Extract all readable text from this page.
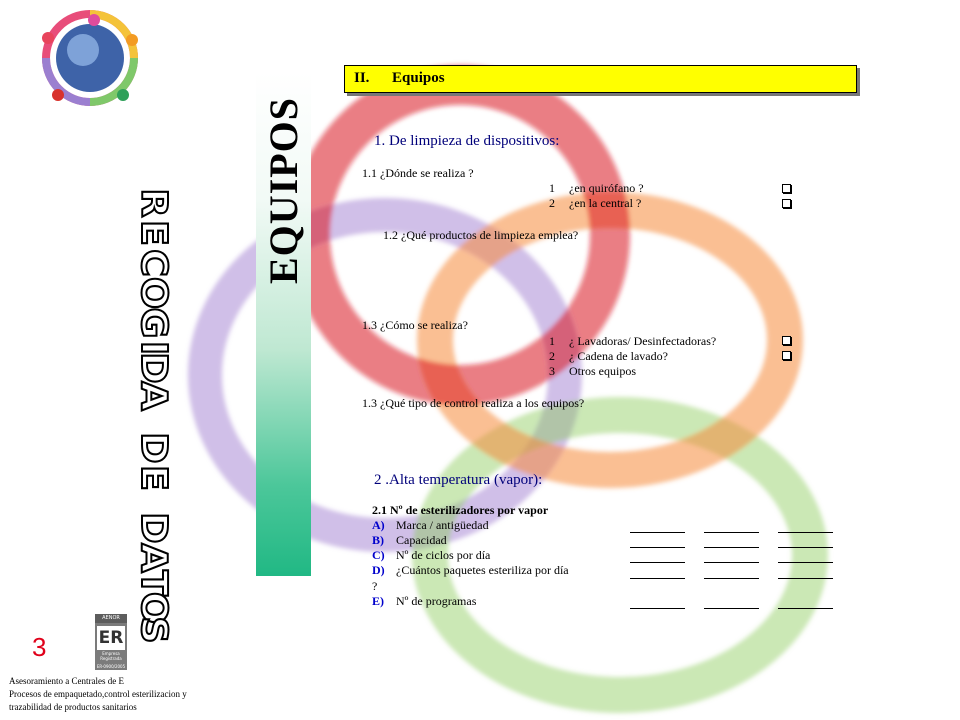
R
E
C
O
G
I
D
A
D
E
D
A
T
O
S
EQUIPOS
II. Equipos
1. De limpieza de dispositivos:
1.1 ¿Dónde se realiza ?
1 ¿en quirófano ?
2 ¿en la central ?
1.2 ¿Qué productos de limpieza emplea?
1.3 ¿Cómo se realiza?
1 ¿ Lavadoras/ Desinfectadoras?
2 ¿ Cadena de lavado?
3 Otros equipos
1.3 ¿Qué tipo de control realiza a los equipos?
2 .Alta temperatura (vapor):
2.1 Nº de esterilizadores por vapor
A) Marca / antigüedad
B) Capacidad
C) Nº de ciclos por día
D) ¿Cuántos paquetes esteriliza por día
?
E) Nº de programas
3
AENOR
ER
Empresa Registrada
ER-0900/2005
Asesoramiento a Centrales de E
Procesos de empaquetado,control esterilizacion y
trazabilidad de productos sanitarios
